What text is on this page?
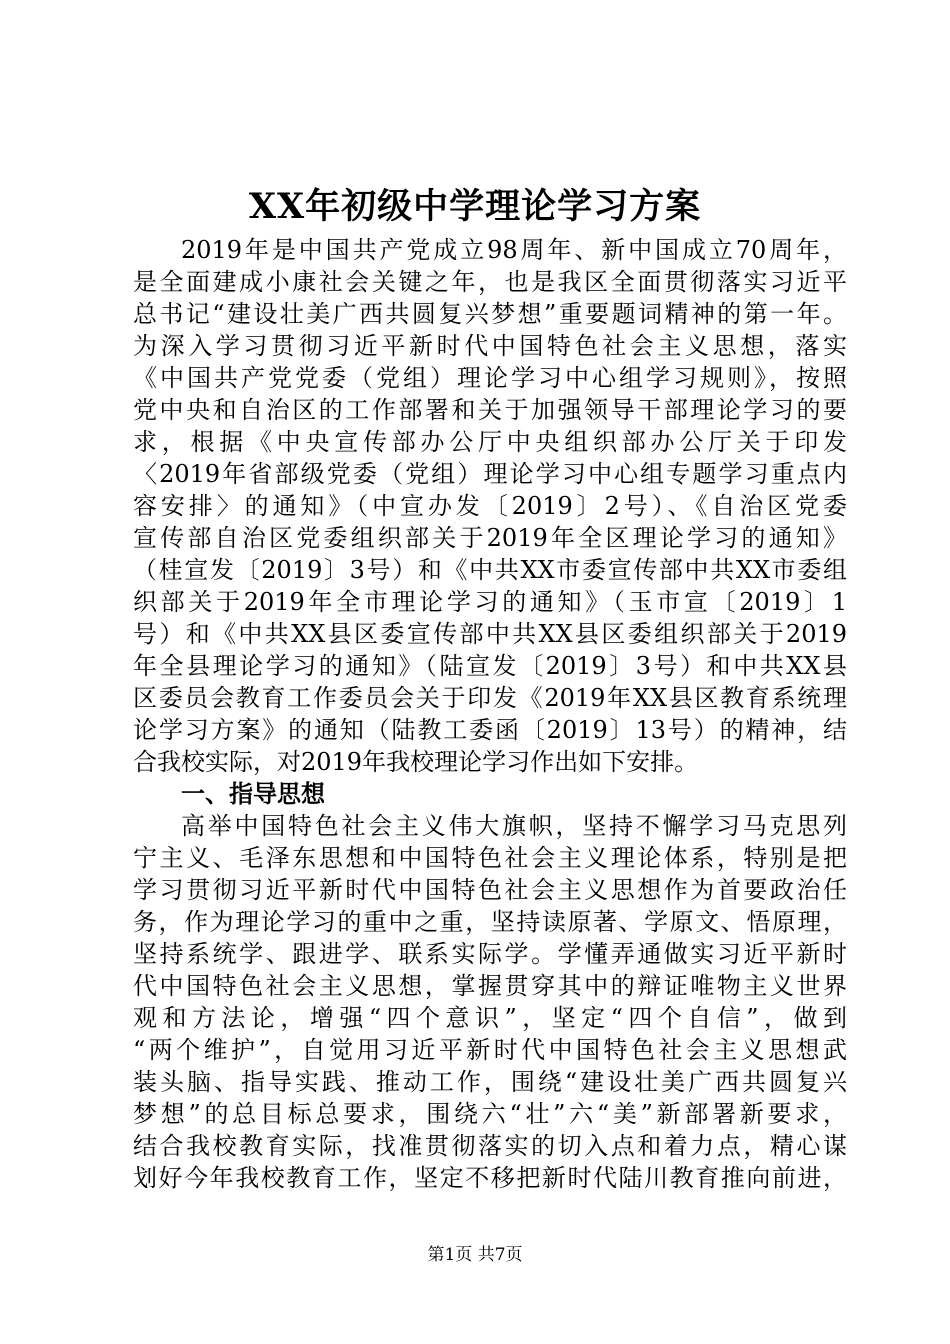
XX年初级中学理论学习方案
2019年是中国共产党成立98周年、新中国成立70周年，
是全面建成小康社会关键之年，也是我区全面贯彻落实习近平
总书记“建设壮美广西共圆复兴梦想”重要题词精神的第一年。
为深入学习贯彻习近平新时代中国特色社会主义思想，落实
《中国共产党党委（党组）理论学习中心组学习规则》，按照
党中央和自治区的工作部署和关于加强领导干部理论学习的要
求，根据《中央宣传部办公厅中央组织部办公厅关于印发
〈2019年省部级党委（党组）理论学习中心组专题学习重点内
容安排〉的通知》（中宣办发〔2019〕2号）、《自治区党委
宣传部自治区党委组织部关于2019年全区理论学习的通知》
（桂宣发〔2019〕3号）和《中共XX市委宣传部中共XX市委组
织部关于2019年全市理论学习的通知》（玉市宣〔2019〕1
号）和《中共XX县区委宣传部中共XX县区委组织部关于2019
年全县理论学习的通知》（陆宣发〔2019〕3号）和中共XX县
区委员会教育工作委员会关于印发《2019年XX县区教育系统理
论学习方案》的通知（陆教工委函〔2019〕13号）的精神，结
合我校实际，对2019年我校理论学习作出如下安排。
一、指导思想
高举中国特色社会主义伟大旗帜，坚持不懈学习马克思列
宁主义、毛泽东思想和中国特色社会主义理论体系，特别是把
学习贯彻习近平新时代中国特色社会主义思想作为首要政治任
务，作为理论学习的重中之重，坚持读原著、学原文、悟原理，
坚持系统学、跟进学、联系实际学。学懂弄通做实习近平新时
代中国特色社会主义思想，掌握贯穿其中的辩证唯物主义世界
观和方法论，增强“四个意识”，坚定“四个自信”，做到
“两个维护”，自觉用习近平新时代中国特色社会主义思想武
装头脑、指导实践、推动工作，围绕“建设壮美广西共圆复兴
梦想”的总目标总要求，围绕六“壮”六“美”新部署新要求，
结合我校教育实际，找准贯彻落实的切入点和着力点，精心谋
划好今年我校教育工作，坚定不移把新时代陆川教育推向前进，
第1页 共7页
